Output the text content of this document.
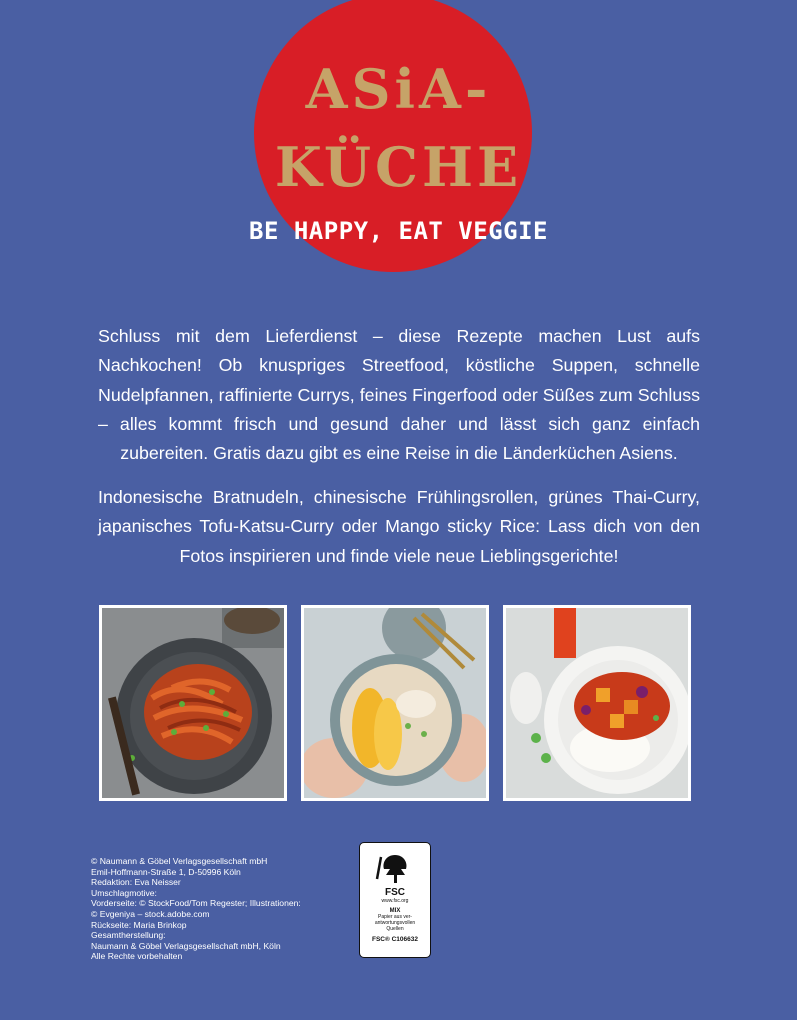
ASiA-
KÜCHE
BE HAPPY, EAT VEGGIE

Schluss mit dem Lieferdienst – diese Rezepte machen Lust aufs Nachkochen! Ob knuspriges Streetfood, köstliche Suppen, schnelle Nudelpfannen, raffinierte Currys, feines Fingerfood oder Süßes zum Schluss – alles kommt frisch und gesund daher und lässt sich ganz einfach zubereiten. Gratis dazu gibt es eine Reise in die Länderküchen Asiens.

Indonesische Bratnudeln, chinesische Frühlingsrollen, grünes Thai-Curry, japanisches Tofu-Katsu-Curry oder Mango sticky Rice: Lass dich von den Fotos inspirieren und finde viele neue Lieblingsgerichte!

© Naumann & Göbel Verlagsgesellschaft mbH
Emil-Hoffmann-Straße 1, D-50996 Köln
Redaktion: Eva Neisser
Umschlagmotive:
Vorderseite: © StockFood/Tom Regester; Illustrationen:
© Evgeniya – stock.adobe.com
Rückseite: Maria Brinkop
Gesamtherstellung:
Naumann & Göbel Verlagsgesellschaft mbH, Köln
Alle Rechte vorbehalten
FSC
www.fsc.org
MIX
Papier aus ver-
antwortungsvollen
Quellen
FSC® C106632
